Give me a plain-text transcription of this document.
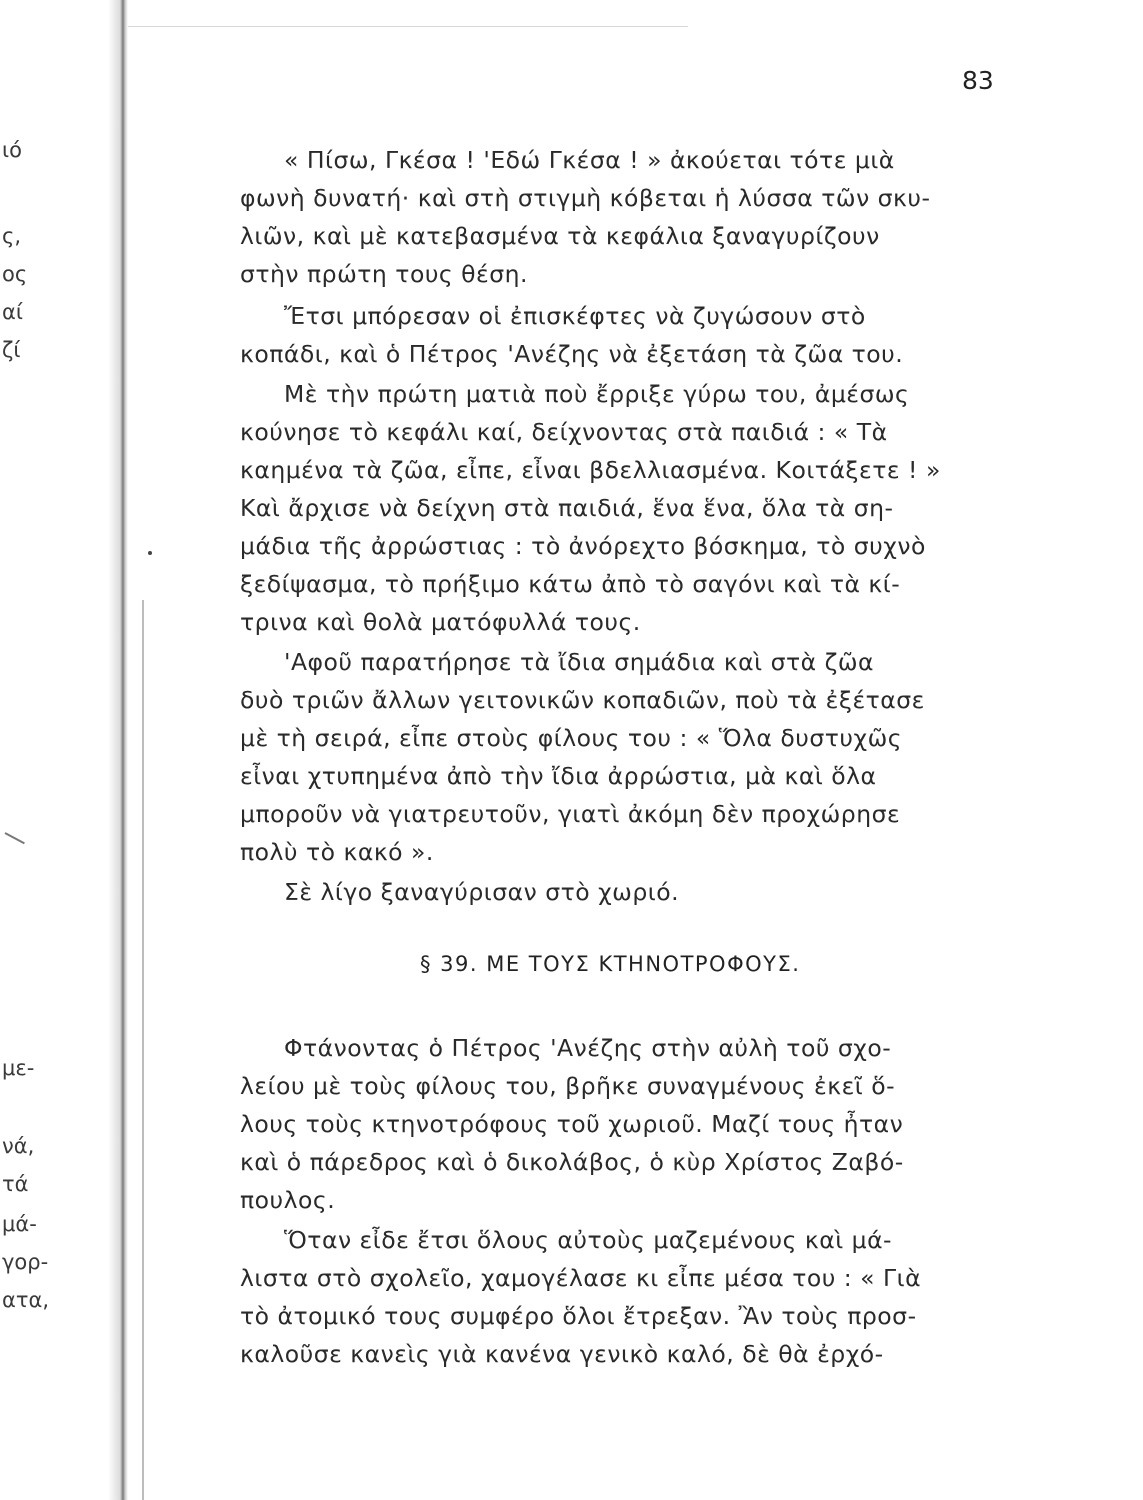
ιό
ς,
ος
αί
ζί
με-
νά,
τά
μά-
γορ-
ατα,
83
« Πίσω, Γκέσα ! 'Εδώ Γκέσα ! » ἀκούεται τότε μιὰ
φωνὴ δυνατή· καὶ στὴ στιγμὴ κόβεται ἡ λύσσα τῶν σκυ-
λιῶν, καὶ μὲ κατεβασμένα τὰ κεφάλια ξαναγυρίζουν
στὴν πρώτη τους θέση.
Ἔτσι μπόρεσαν οἱ ἐπισκέφτες νὰ ζυγώσουν στὸ
κοπάδι, καὶ ὁ Πέτρος 'Ανέζης νὰ ἐξετάση τὰ ζῶα του.
Μὲ τὴν πρώτη ματιὰ ποὺ ἔρριξε γύρω του, ἀμέσως
κούνησε τὸ κεφάλι καί, δείχνοντας στὰ παιδιά : « Τὰ
καημένα τὰ ζῶα, εἶπε, εἶναι βδελλιασμένα. Κοιτάξετε ! »
Καὶ ἄρχισε νὰ δείχνη στὰ παιδιά, ἕνα ἕνα, ὅλα τὰ ση-
μάδια τῆς ἀρρώστιας : τὸ ἀνόρεχτο βόσκημα, τὸ συχνὸ
ξεδίψασμα, τὸ πρήξιμο κάτω ἀπὸ τὸ σαγόνι καὶ τὰ κί-
τρινα καὶ θολὰ ματόφυλλά τους.
'Αφοῦ παρατήρησε τὰ ἴδια σημάδια καὶ στὰ ζῶα
δυὸ τριῶν ἄλλων γειτονικῶν κοπαδιῶν, ποὺ τὰ ἐξέτασε
μὲ τὴ σειρά, εἶπε στοὺς φίλους του : « Ὅλα δυστυχῶς
εἶναι χτυπημένα ἀπὸ τὴν ἴδια ἀρρώστια, μὰ καὶ ὅλα
μποροῦν νὰ γιατρευτοῦν, γιατὶ ἀκόμη δὲν προχώρησε
πολὺ τὸ κακό ».
Σὲ λίγο ξαναγύρισαν στὸ χωριό.
§ 39. ΜΕ ΤΟΥΣ ΚΤΗΝΟΤΡΟΦΟΥΣ.
Φτάνοντας ὁ Πέτρος 'Ανέζης στὴν αὐλὴ τοῦ σχο-
λείου μὲ τοὺς φίλους του, βρῆκε συναγμένους ἐκεῖ ὅ-
λους τοὺς κτηνοτρόφους τοῦ χωριοῦ. Μαζί τους ἦταν
καὶ ὁ πάρεδρος καὶ ὁ δικολάβος, ὁ κὺρ Χρίστος Ζαβό-
πουλος.
Ὅταν εἶδε ἔτσι ὅλους αὐτοὺς μαζεμένους καὶ μά-
λιστα στὸ σχολεῖο, χαμογέλασε κι εἶπε μέσα του : « Γιὰ
τὸ ἀτομικό τους συμφέρο ὅλοι ἔτρεξαν. Ἂν τοὺς προσ-
καλοῦσε κανεὶς γιὰ κανένα γενικὸ καλό, δὲ θὰ ἐρχό-
